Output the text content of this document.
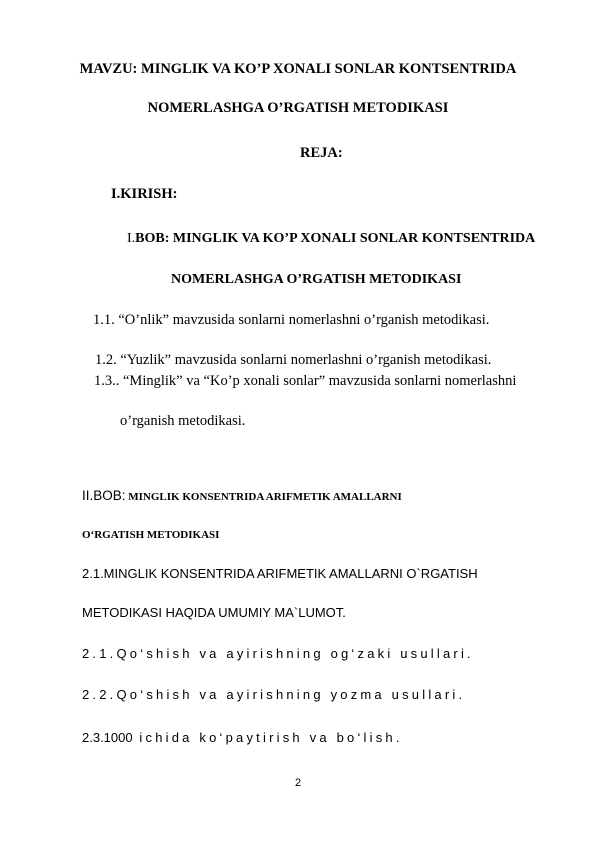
MAVZU: MINGLIK VA KO’P XONALI SONLAR KONTSENTRIDA
NOMERLASHGA O’RGATISH METODIKASI
REJA:
I.KIRISH:
I.BOB: MINGLIK VA KO’P XONALI SONLAR KONTSENTRIDA
NOMERLASHGA O’RGATISH METODIKASI
1.1. “O’nlik” mavzusida sonlarni nomerlashni o’rganish metodikasi.
1.2. “Yuzlik” mavzusida sonlarni nomerlashni o’rganish metodikasi.
1.3.. “Minglik” va “Ko’p xonali sonlar” mavzusida sonlarni nomerlashni
o’rganish metodikasi.
II.BOB: MINGLIK KONSENTRIDA ARIFMETIK AMALLARNI
O‘RGATISH METODIKASI
2.1.MINGLIK KONSENTRIDA ARIFMETIK AMALLARNI O`RGATISH
METODIKASI HAQIDA UMUMIY MA`LUMOT.
2.1.Qo‘shish va ayirishning og‘zaki usullari.
2.2.Qo‘shish va ayirishning yozma usullari.
2.3.1000 ichida ko‘paytirish va bo‘lish.
2
